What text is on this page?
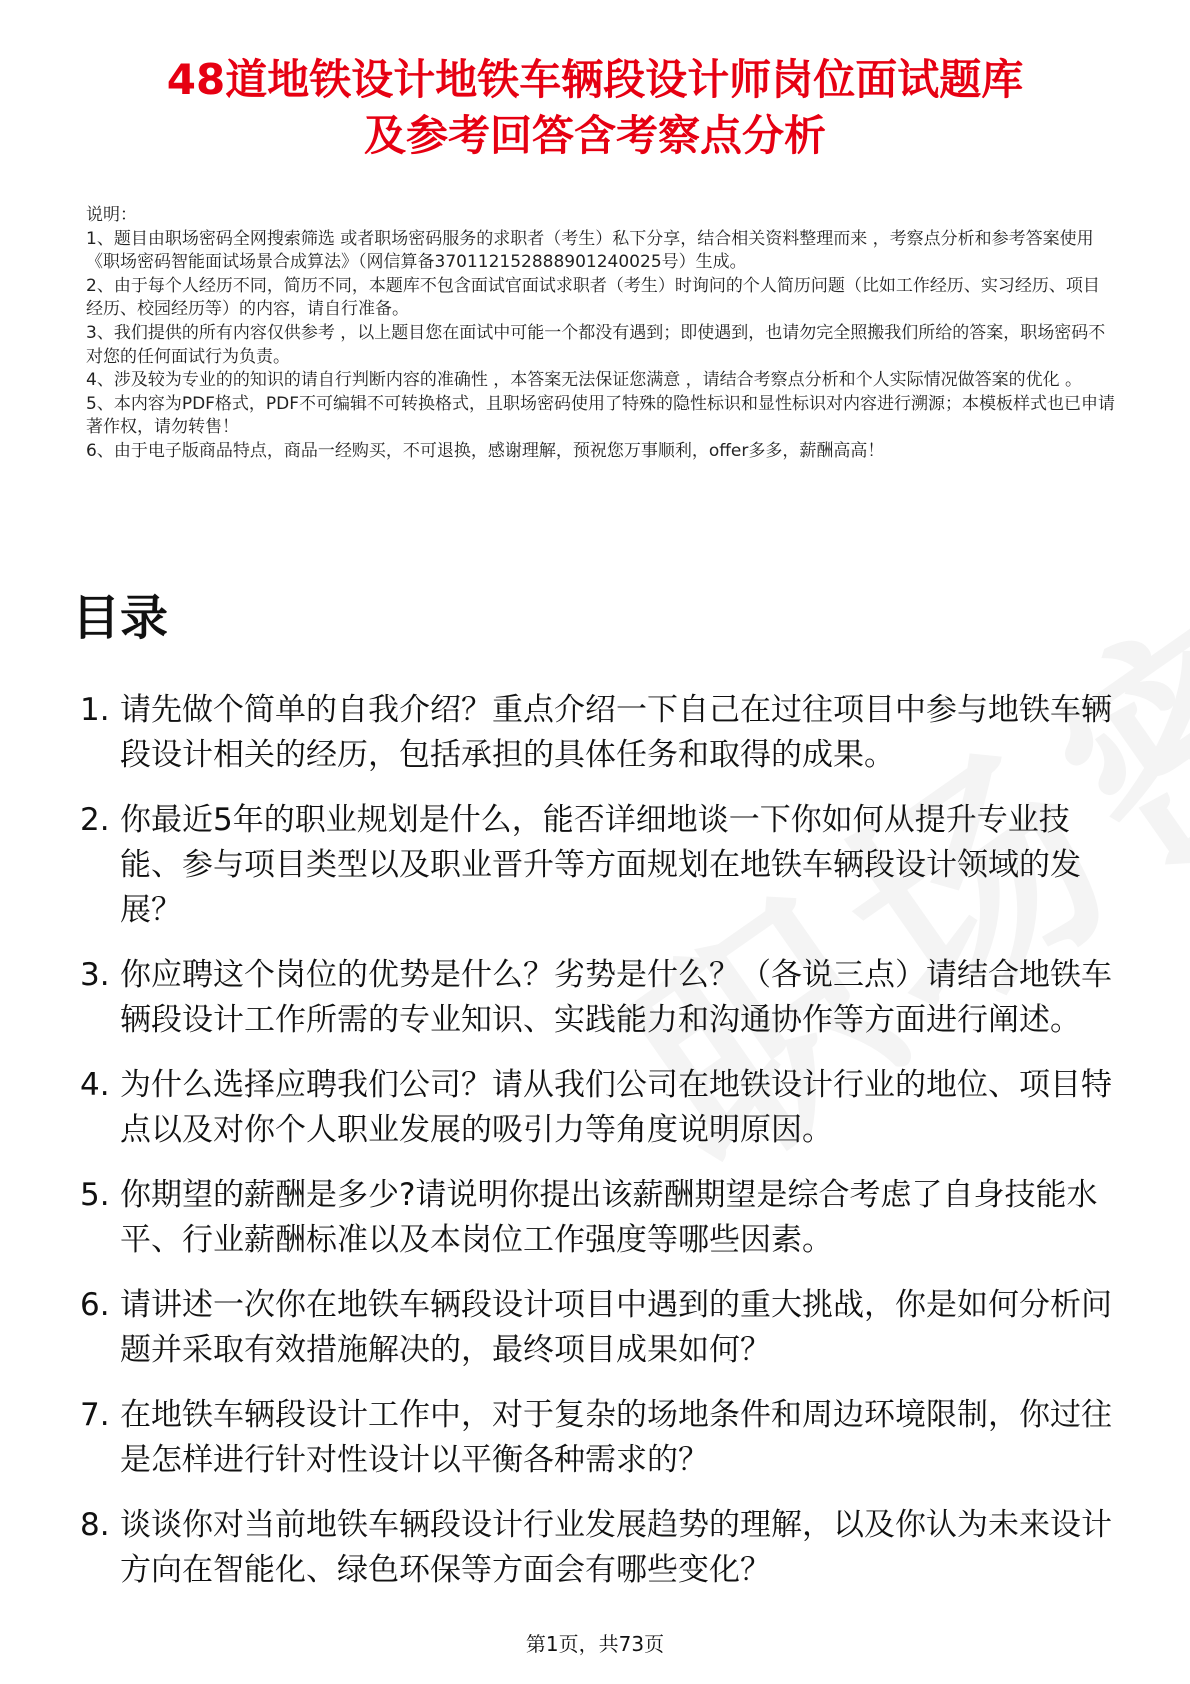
48道地铁设计地铁车辆段设计师岗位面试题库
及参考回答含考察点分析

说明：

1、题目由职场密码全网搜索筛选 或者职场密码服务的求职者（考生）私下分享，结合相关资料整理而来 ，考察点分析和参考答案使用《职场密码智能面试场景合成算法》（网信算备370112152888901240025号）生成。

2、由于每个人经历不同，简历不同，本题库不包含面试官面试求职者（考生）时询问的个人简历问题（比如工作经历、实习经历、项目经历、校园经历等）的内容，请自行准备。

3、我们提供的所有内容仅供参考 ，以上题目您在面试中可能一个都没有遇到；即使遇到，也请勿完全照搬我们所给的答案，职场密码不对您的任何面试行为负责。

4、涉及较为专业的的知识的请自行判断内容的准确性 ，本答案无法保证您满意 ，请结合考察点分析和个人实际情况做答案的优化 。

5、本内容为PDF格式，PDF不可编辑不可转换格式，且职场密码使用了特殊的隐性标识和显性标识对内容进行溯源；本模板样式也已申请著作权，请勿转售！

6、由于电子版商品特点，商品一经购买，不可退换，感谢理解，预祝您万事顺利，offer多多，薪酬高高！

目录
1. 请先做个简单的自我介绍？重点介绍一下自己在过往项目中参与地铁车辆段设计相关的经历，包括承担的具体任务和取得的成果。
2. 你最近5年的职业规划是什么，能否详细地谈一下你如何从提升专业技能、参与项目类型以及职业晋升等方面规划在地铁车辆段设计领域的发展？
3. 你应聘这个岗位的优势是什么？劣势是什么？（各说三点）请结合地铁车辆段设计工作所需的专业知识、实践能力和沟通协作等方面进行阐述。
4. 为什么选择应聘我们公司？请从我们公司在地铁设计行业的地位、项目特点以及对你个人职业发展的吸引力等角度说明原因。
5. 你期望的薪酬是多少?请说明你提出该薪酬期望是综合考虑了自身技能水平、行业薪酬标准以及本岗位工作强度等哪些因素。
6. 请讲述一次你在地铁车辆段设计项目中遇到的重大挑战，你是如何分析问题并采取有效措施解决的，最终项目成果如何？
7. 在地铁车辆段设计工作中，对于复杂的场地条件和周边环境限制，你过往是怎样进行针对性设计以平衡各种需求的？
8. 谈谈你对当前地铁车辆段设计行业发展趋势的理解，以及你认为未来设计方向在智能化、绿色环保等方面会有哪些变化？
第1页，共73页
